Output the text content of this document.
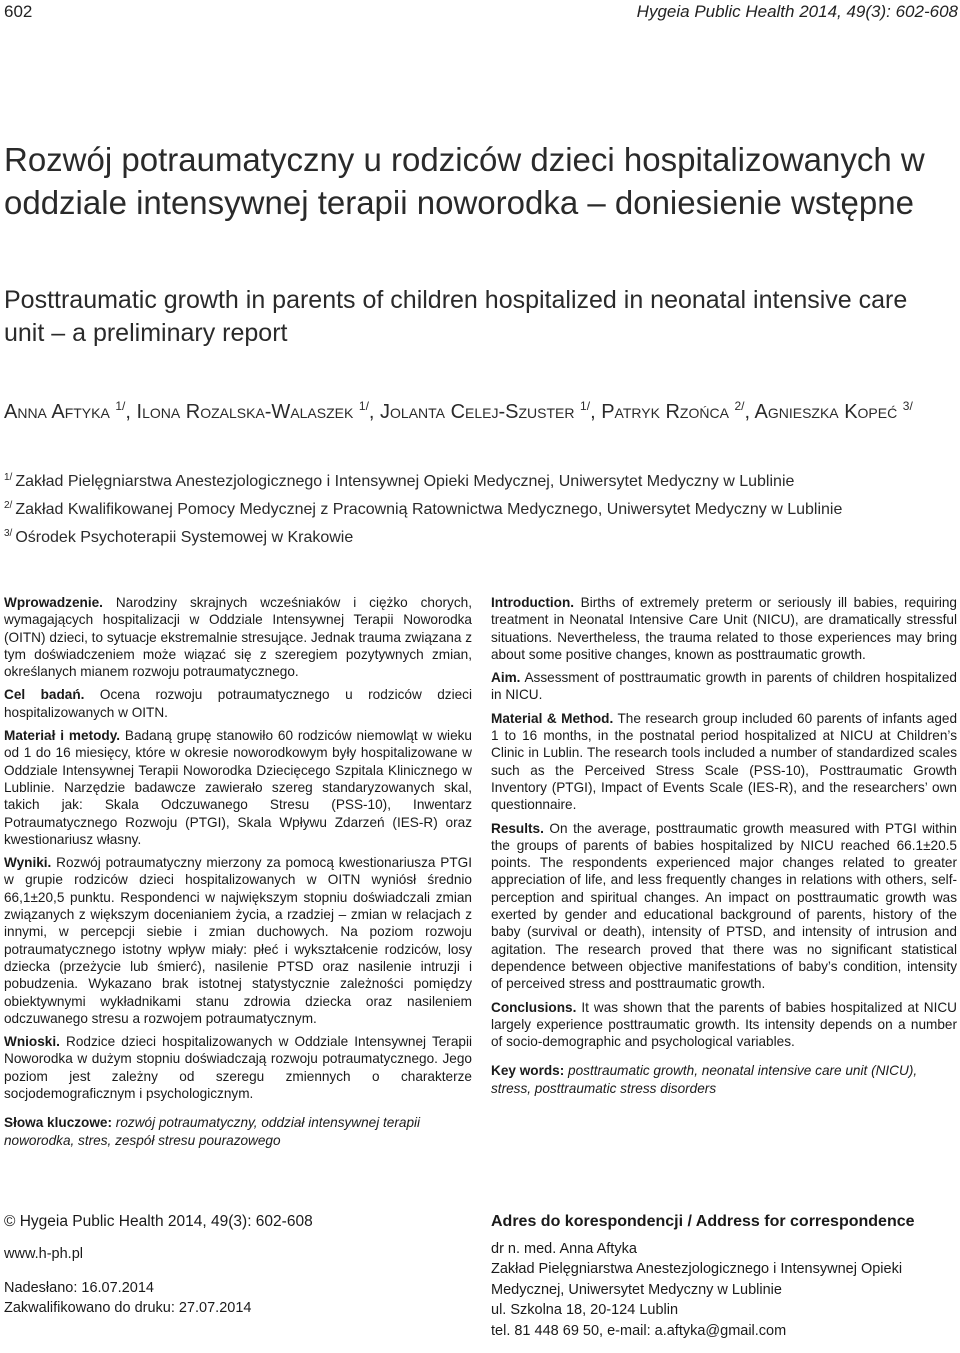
602	Hygeia Public Health 2014, 49(3): 602-608
Rozwój potraumatyczny u rodziców dzieci hospitalizowanych w oddziale intensywnej terapii noworodka – doniesienie wstępne
Posttraumatic growth in parents of children hospitalized in neonatal intensive care unit – a preliminary report
Anna Aftyka $^{1/}$, Ilona Rozalska-Walaszek $^{1/}$, Jolanta Celej-Szuster $^{1/}$, Patryk Rzońca $^{2/}$, Agnieszka Kopeć $^{3/}$
$^{1/}$ Zakład Pielęgniarstwa Anestezjologicznego i Intensywnej Opieki Medycznej, Uniwersytet Medyczny w Lublinie
$^{2/}$ Zakład Kwalifikowanej Pomocy Medycznej z Pracownią Ratownictwa Medycznego, Uniwersytet Medyczny w Lublinie
$^{3/}$ Ośrodek Psychoterapii Systemowej w Krakowie

Wprowadzenie. Narodziny skrajnych wcześniaków i ciężko chorych, wymagających hospitalizacji w Oddziale Intensywnej Terapii Noworodka (OITN) dzieci, to sytuacje ekstremalnie stresujące. Jednak trauma związana z tym doświadczeniem może wiązać się z szeregiem pozytywnych zmian, określanych mianem rozwoju potraumatycznego.

Cel badań. Ocena rozwoju potraumatycznego u rodziców dzieci hospitalizowanych w OITN.

Materiał i metody. Badaną grupę stanowiło 60 rodziców niemowląt w wieku od 1 do 16 miesięcy, które w okresie noworodkowym były hospitalizowane w Oddziale Intensywnej Terapii Noworodka Dziecięcego Szpitala Klinicznego w Lublinie. Narzędzie badawcze zawierało szereg standaryzowanych skal, takich jak: Skala Odczuwanego Stresu (PSS-10), Inwentarz Potraumatycznego Rozwoju (PTGI), Skala Wpływu Zdarzeń (IES-R) oraz kwestionariusz własny.

Wyniki. Rozwój potraumatyczny mierzony za pomocą kwestionariusza PTGI w grupie rodziców dzieci hospitalizowanych w OITN wyniósł średnio 66,1±20,5 punktu. Respondenci w największym stopniu doświadczali zmian związanych z większym docenianiem życia, a rzadziej – zmian w relacjach z innymi, w percepcji siebie i zmian duchowych. Na poziom rozwoju potraumatycznego istotny wpływ miały: płeć i wykształcenie rodziców, losy dziecka (przeżycie lub śmierć), nasilenie PTSD oraz nasilenie intruzji i pobudzenia. Wykazano brak istotnej statystycznie zależności pomiędzy obiektywnymi wykładnikami stanu zdrowia dziecka oraz nasileniem odczuwanego stresu a rozwojem potraumatycznym.

Wnioski. Rodzice dzieci hospitalizowanych w Oddziale Intensywnej Terapii Noworodka w dużym stopniu doświadczają rozwoju potraumatycznego. Jego poziom jest zależny od szeregu zmiennych o charakterze socjodemograficznym i psychologicznym.

Słowa kluczowe: rozwój potraumatyczny, oddział intensywnej terapii noworodka, stres, zespół stresu pourazowego

Introduction. Births of extremely preterm or seriously ill babies, requiring treatment in Neonatal Intensive Care Unit (NICU), are dramatically stressful situations. Nevertheless, the trauma related to those experiences may bring about some positive changes, known as posttraumatic growth.

Aim. Assessment of posttraumatic growth in parents of children hospitalized in NICU.

Material & Method. The research group included 60 parents of infants aged 1 to 16 months, in the postnatal period hospitalized at NICU at Children’s Clinic in Lublin. The research tools included a number of standardized scales such as the Perceived Stress Scale (PSS-10), Posttraumatic Growth Inventory (PTGI), Impact of Events Scale (IES-R), and the researchers’ own questionnaire.

Results. On the average, posttraumatic growth measured with PTGI within the groups of parents of babies hospitalized by NICU reached 66.1±20.5 points. The respondents experienced major changes related to greater appreciation of life, and less frequently changes in relations with others, self-perception and spiritual changes. An impact on posttraumatic growth was exerted by gender and educational background of parents, history of the baby (survival or death), intensity of PTSD, and intensity of intrusion and agitation. The research proved that there was no significant statistical dependence between objective manifestations of baby’s condition, intensity of perceived stress and posttraumatic growth.

Conclusions. It was shown that the parents of babies hospitalized at NICU largely experience posttraumatic growth. Its intensity depends on a number of socio-demographic and psychological variables.

Key words: posttraumatic growth, neonatal intensive care unit (NICU), stress, posttraumatic stress disorders

© Hygeia Public Health 2014, 49(3): 602-608
www.h-ph.pl
Nadesłano: 16.07.2014
Zakwalifikowano do druku: 27.07.2014
Adres do korespondencji / Address for correspondence
dr n. med. Anna Aftyka
Zakład Pielęgniarstwa Anestezjologicznego i Intensywnej Opieki
Medycznej, Uniwersytet Medyczny w Lublinie
ul. Szkolna 18, 20-124 Lublin
tel. 81 448 69 50, e-mail: a.aftyka@gmail.com
